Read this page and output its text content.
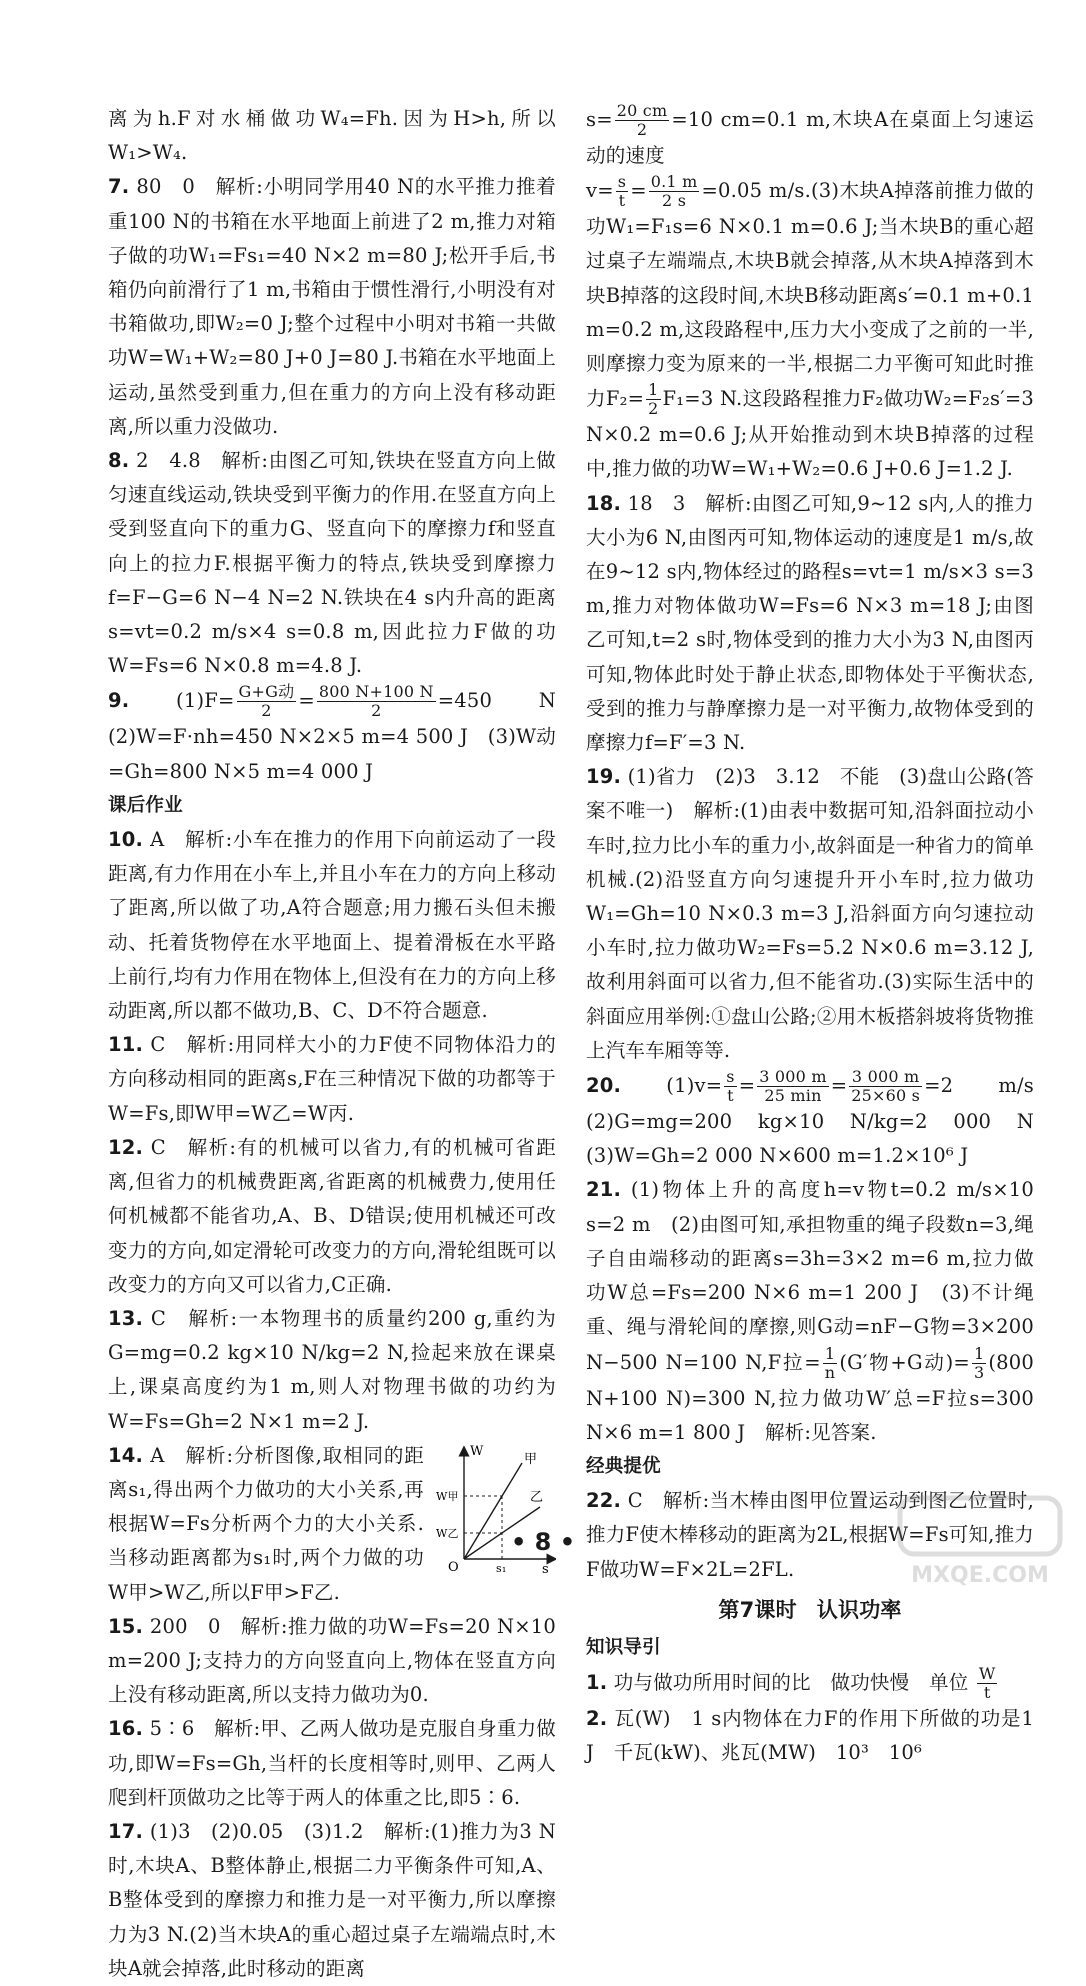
离为h.F对水桶做功W₄=Fh.因为H>h,所以W₁>W₄.

7. 80　0　解析:小明同学用40 N的水平推力推着重100 N的书箱在水平地面上前进了2 m,推力对箱子做的功W₁=Fs₁=40 N×2 m=80 J;松开手后,书箱仍向前滑行了1 m,书箱由于惯性滑行,小明没有对书箱做功,即W₂=0 J;整个过程中小明对书箱一共做功W=W₁+W₂=80 J+0 J=80 J.书箱在水平地面上运动,虽然受到重力,但在重力的方向上没有移动距离,所以重力没做功.

8. 2　4.8　解析:由图乙可知,铁块在竖直方向上做匀速直线运动,铁块受到平衡力的作用.在竖直方向上受到竖直向下的重力G、竖直向下的摩擦力f和竖直向上的拉力F.根据平衡力的特点,铁块受到摩擦力f=F−G=6 N−4 N=2 N.铁块在4 s内升高的距离s=vt=0.2 m/s×4 s=0.8 m,因此拉力F做的功W=Fs=6 N×0.8 m=4.8 J.

9. $(1)F= \frac{\text{G+G动}}{2} = \frac{800 N+100 N}{2} =450$ N　(2)W=F·nh=450 N×2×5 m=4 500 J　(3)W动=Gh=800 N×5 m=4 000 J

课后作业

10. A　解析:小车在推力的作用下向前运动了一段距离,有力作用在小车上,并且小车在力的方向上移动了距离,所以做了功,A符合题意;用力搬石头但未搬动、托着货物停在水平地面上、提着滑板在水平路上前行,均有力作用在物体上,但没有在力的方向上移动距离,所以都不做功,B、C、D不符合题意.

11. C　解析:用同样大小的力F使不同物体沿力的方向移动相同的距离s,F在三种情况下做的功都等于W=Fs,即W甲=W乙=W丙.

12. C　解析:有的机械可以省力,有的机械可省距离,但省力的机械费距离,省距离的机械费力,使用任何机械都不能省功,A、B、D错误;使用机械还可改变力的方向,如定滑轮可改变力的方向,滑轮组既可以改变力的方向又可以省力,C正确.

13. C　解析:一本物理书的质量约200 g,重约为G=mg=0.2 kg×10 N/kg=2 N,捡起来放在课桌上,课桌高度约为1 m,则人对物理书做的功约为W=Fs=Gh=2 N×1 m=2 J.

W
s
O
甲
乙
W甲
W乙
s₁
14. A　解析:分析图像,取相同的距离s₁,得出两个力做功的大小关系,再根据W=Fs分析两个力的大小关系.当移动距离都为s₁时,两个力做的功W甲>W乙,所以F甲>F乙.

15. 200　0　解析:推力做的功W=Fs=20 N×10 m=200 J;支持力的方向竖直向上,物体在竖直方向上没有移动距离,所以支持力做功为0.

16. 5∶6　解析:甲、乙两人做功是克服自身重力做功,即W=Fs=Gh,当杆的长度相等时,则甲、乙两人爬到杆顶做功之比等于两人的体重之比,即5∶6.

17. (1)3　(2)0.05　(3)1.2　解析:(1)推力为3 N时,木块A、B整体静止,根据二力平衡条件可知,A、B整体受到的摩擦力和推力是一对平衡力,所以摩擦力为3 N.(2)当木块A的重心超过桌子左端端点时,木块A就会掉落,此时移动的距离

$s= \frac{20 cm}{2} =10$ cm=0.1 m,木块A在桌面上匀速运动的速度

$v= \frac{s}{t} = \frac{0.1 m}{2 s} =0.05$ m/s.(3)木块A掉落前推力做的功W₁=F₁s=6 N×0.1 m=0.6 J;当木块B的重心超过桌子左端端点,木块B就会掉落,从木块A掉落到木块B掉落的这段时间,木块B移动距离s′=0.1 m+0.1 m=0.2 m,这段路程中,压力大小变成了之前的一半,则摩擦力变为原来的一半,根据二力平衡可知此时推力$F_2= \frac{1}{2} F_1=3$ N.这段路程推力F₂做功W₂=F₂s′=3 N×0.2 m=0.6 J;从开始推动到木块B掉落的过程中,推力做的功W=W₁+W₂=0.6 J+0.6 J=1.2 J.

18. 18　3　解析:由图乙可知,9~12 s内,人的推力大小为6 N,由图丙可知,物体运动的速度是1 m/s,故在9~12 s内,物体经过的路程s=vt=1 m/s×3 s=3 m,推力对物体做功W=Fs=6 N×3 m=18 J;由图乙可知,t=2 s时,物体受到的推力大小为3 N,由图丙可知,物体此时处于静止状态,即物体处于平衡状态,受到的推力与静摩擦力是一对平衡力,故物体受到的摩擦力f=F′=3 N.

19. (1)省力　(2)3　3.12　不能　(3)盘山公路(答案不唯一)　解析:(1)由表中数据可知,沿斜面拉动小车时,拉力比小车的重力小,故斜面是一种省力的简单机械.(2)沿竖直方向匀速提升开小车时,拉力做功W₁=Gh=10 N×0.3 m=3 J,沿斜面方向匀速拉动小车时,拉力做功W₂=Fs=5.2 N×0.6 m=3.12 J,故利用斜面可以省力,但不能省功.(3)实际生活中的斜面应用举例:①盘山公路;②用木板搭斜坡将货物推上汽车车厢等等.

20. $(1)v= \frac{s}{t} = \frac{3 000 m}{25 \min} = \frac{3 000 m}{25\times 60 s} =2$ m/s　(2)G=mg=200 kg×10 N/kg=2 000 N　(3)W=Gh=2 000 N×600 m=1.2×10⁶ J

21. (1)物体上升的高度h=v物t=0.2 m/s×10 s=2 m　(2)由图可知,承担物重的绳子段数n=3,绳子自由端移动的距离s=3h=3×2 m=6 m,拉力做功W总=Fs=200 N×6 m=1 200 J　(3)不计绳重、绳与滑轮间的摩擦,则G动=nF−G物=3×200 N−500 N=100 N,F拉= $\frac{1}{n} (G'$物+G动)= $\frac{1}{3} (800$ N+100 N)=300 N,拉力做功W′总=F拉s=300 N×6 m=1 800 J　解析:见答案.

经典提优

22. C　解析:当木棒由图甲位置运动到图乙位置时,推力F使木棒移动的距离为2L,根据W=Fs可知,推力F做功W=F×2L=2FL.

第7课时 认识功率

知识导引

1. 功与做功所用时间的比　做功快慢　单位 $\frac{W}{t}$

2. 瓦(W)　1 s内物体在力F的作用下所做的功是1 J　千瓦(kW)、兆瓦(MW)　10³　10⁶

• 8 •
MXQE.COM
